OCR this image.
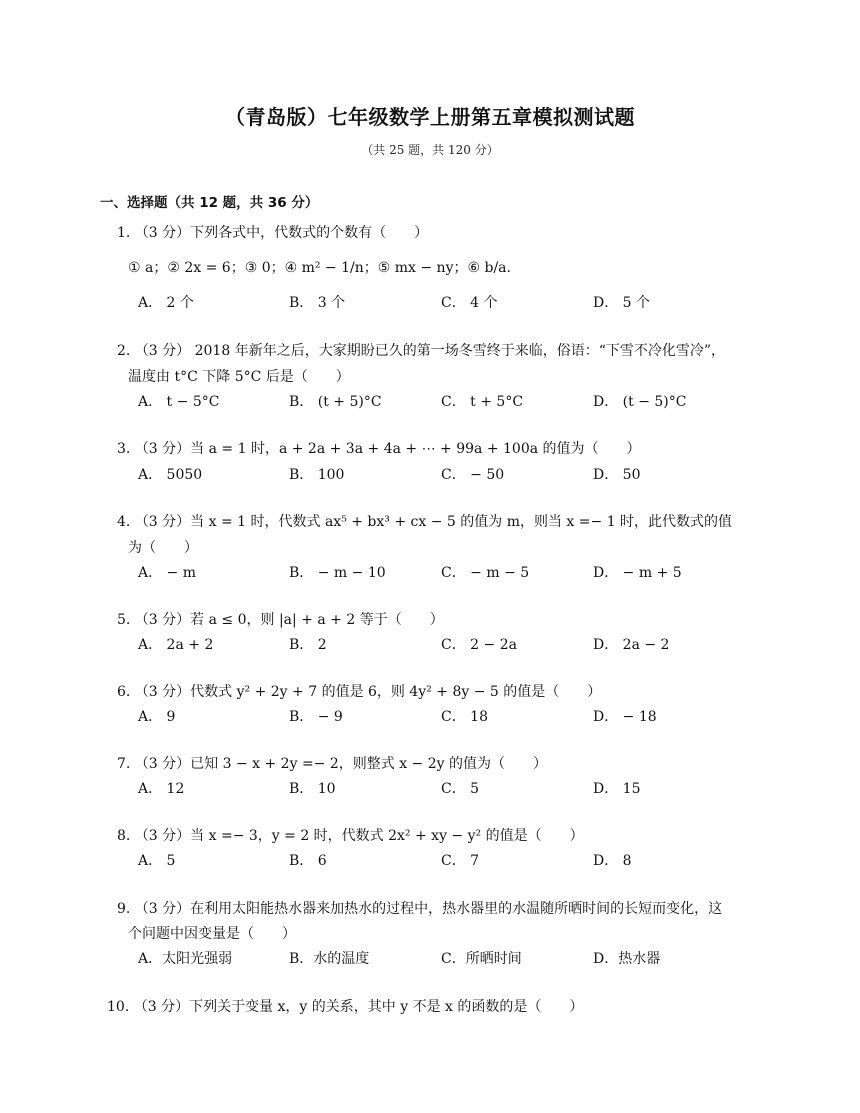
（青岛版）七年级数学上册第五章模拟测试题
（共 25 题，共 120 分）
一、选择题（共 12 题，共 36 分）
1. （3 分）下列各式中，代数式的个数有（　　）
① a；② 2x = 6；③ 0；④ m² − 1/n；⑤ mx − ny；⑥ b/a.
A． 2 个	B． 3 个	C． 4 个	D． 5 个
2. （3 分） 2018 年新年之后，大家期盼已久的第一场冬雪终于来临，俗语：“下雪不冷化雪冷”，
温度由 t°C 下降 5°C 后是（　　）
A． t − 5°C	B． (t + 5)°C	C． t + 5°C	D． (t − 5)°C
3. （3 分）当 a = 1 时，a + 2a + 3a + 4a + ⋯ + 99a + 100a 的值为（　　）
A． 5050	B． 100	C． − 50	D． 50
4. （3 分）当 x = 1 时，代数式 ax⁵ + bx³ + cx − 5 的值为 m，则当 x =− 1 时，此代数式的值
为（　　）
A． − m	B． − m − 10	C． − m − 5	D． − m + 5
5. （3 分）若 a ≤ 0，则 |a| + a + 2 等于（　　）
A． 2a + 2	B． 2	C． 2 − 2a	D． 2a − 2
6. （3 分）代数式 y² + 2y + 7 的值是 6，则 4y² + 8y − 5 的值是（　　）
A． 9	B． − 9	C． 18	D． − 18
7. （3 分）已知 3 − x + 2y =− 2，则整式 x − 2y 的值为（　　）
A． 12	B． 10	C． 5	D． 15
8. （3 分）当 x =− 3，y = 2 时，代数式 2x² + xy − y² 的值是（　　）
A． 5	B． 6	C． 7	D． 8
9. （3 分）在利用太阳能热水器来加热水的过程中，热水器里的水温随所晒时间的长短而变化，这
个问题中因变量是（　　）
A．太阳光强弱	B．水的温度	C．所晒时间	D．热水器
10. （3 分）下列关于变量 x，y 的关系，其中 y 不是 x 的函数的是（　　）
